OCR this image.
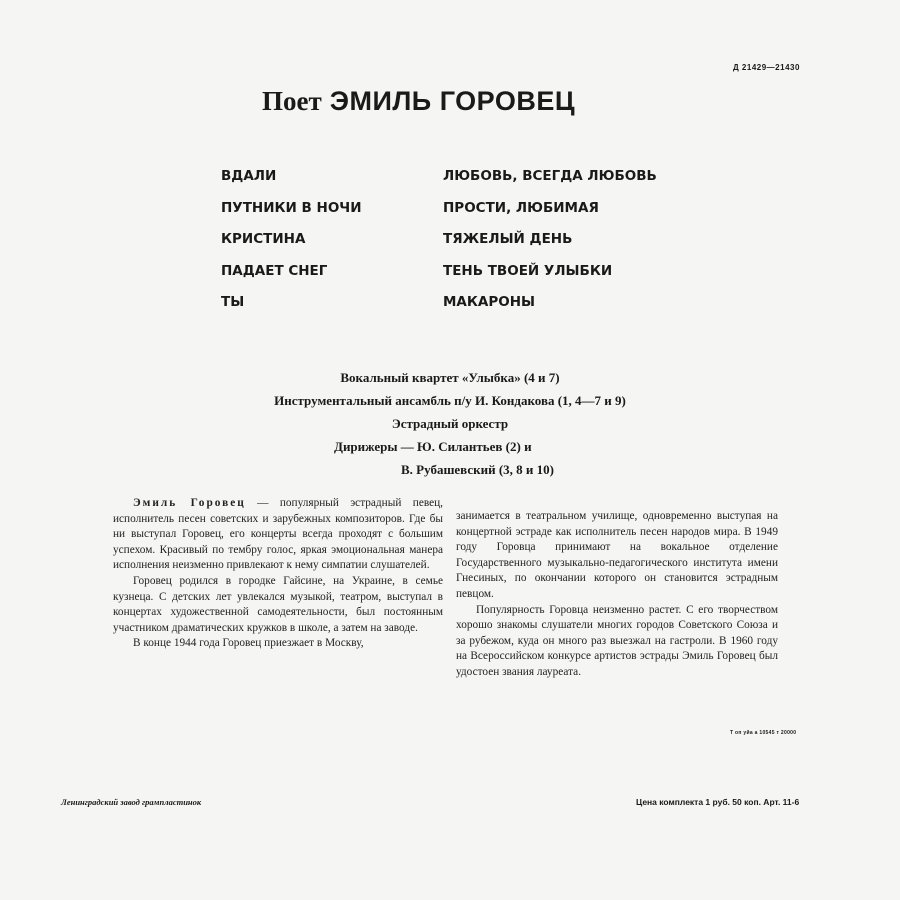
Д 21429—21430
Поет ЭМИЛЬ ГОРОВЕЦ
ВДАЛИ
ПУТНИКИ В НОЧИ
КРИСТИНА
ПАДАЕТ СНЕГ
ТЫ
ЛЮБОВЬ, ВСЕГДА ЛЮБОВЬ
ПРОСТИ, ЛЮБИМАЯ
ТЯЖЕЛЫЙ ДЕНЬ
ТЕНЬ ТВОЕЙ УЛЫБКИ
МАКАРОНЫ
Вокальный квартет «Улыбка» (4 и 7)
Инструментальный ансамбль п/у И. Кондакова (1, 4—7 и 9)
Эстрадный оркестр
Дирижеры — Ю. Силантьев (2) и
В. Рубашевский (3, 8 и 10)

Эмиль Горовец — популярный эстрадный певец, исполнитель песен советских и зарубежных композиторов. Где бы ни выступал Горовец, его концерты всегда проходят с большим успехом. Красивый по тембру голос, яркая эмоциональная манера исполнения неизменно привлекают к нему симпатии слушателей.

Горовец родился в городке Гайсине, на Украине, в семье кузнеца. С детских лет увлекался музыкой, театром, выступал в концертах художественной самодеятельности, был постоянным участником драматических кружков в школе, а затем на заводе.

В конце 1944 года Горовец приезжает в Москву,

занимается в театральном училище, одновременно выступая на концертной эстраде как исполнитель песен народов мира. В 1949 году Горовца принимают на вокальное отделение Государственного музыкально-педагогического института имени Гнесиных, по окончании которого он становится эстрадным певцом.

Популярность Горовца неизменно растет. С его творчеством хорошо знакомы слушатели многих городов Советского Союза и за рубежом, куда он много раз выезжал на гастроли. В 1960 году на Всероссийском конкурсе артистов эстрады Эмиль Горовец был удостоен звания лауреата.

Т оп уйа а 10545 т 20000
Ленинградский завод грампластинок	Цена комплекта 1 руб. 50 коп. Арт. 11-6
